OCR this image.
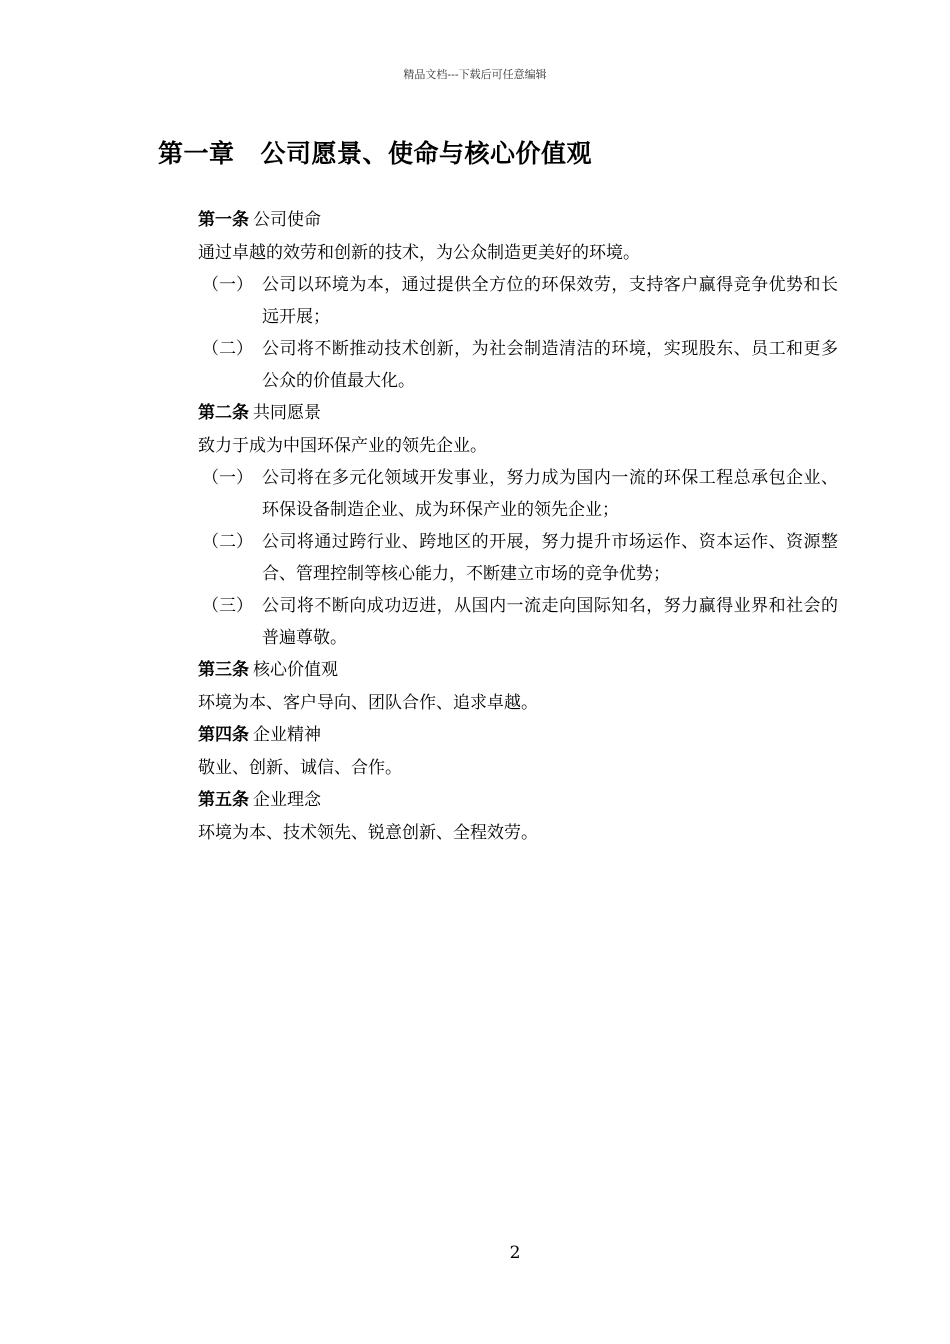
精品文档---下载后可任意编辑
第一章 公司愿景、使命与核心价值观
第一条 公司使命
通过卓越的效劳和创新的技术，为公众制造更美好的环境。
（一） 公司以环境为本，通过提供全方位的环保效劳，支持客户赢得竞争优势和长远开展；
（二） 公司将不断推动技术创新，为社会制造清洁的环境，实现股东、员工和更多公众的价值最大化。
第二条 共同愿景
致力于成为中国环保产业的领先企业。
（一） 公司将在多元化领域开发事业，努力成为国内一流的环保工程总承包企业、环保设备制造企业、成为环保产业的领先企业；
（二） 公司将通过跨行业、跨地区的开展，努力提升市场运作、资本运作、资源整合、管理控制等核心能力，不断建立市场的竞争优势；
（三） 公司将不断向成功迈进，从国内一流走向国际知名，努力赢得业界和社会的普遍尊敬。
第三条 核心价值观
环境为本、客户导向、团队合作、追求卓越。
第四条 企业精神
敬业、创新、诚信、合作。
第五条 企业理念
环境为本、技术领先、锐意创新、全程效劳。
2
